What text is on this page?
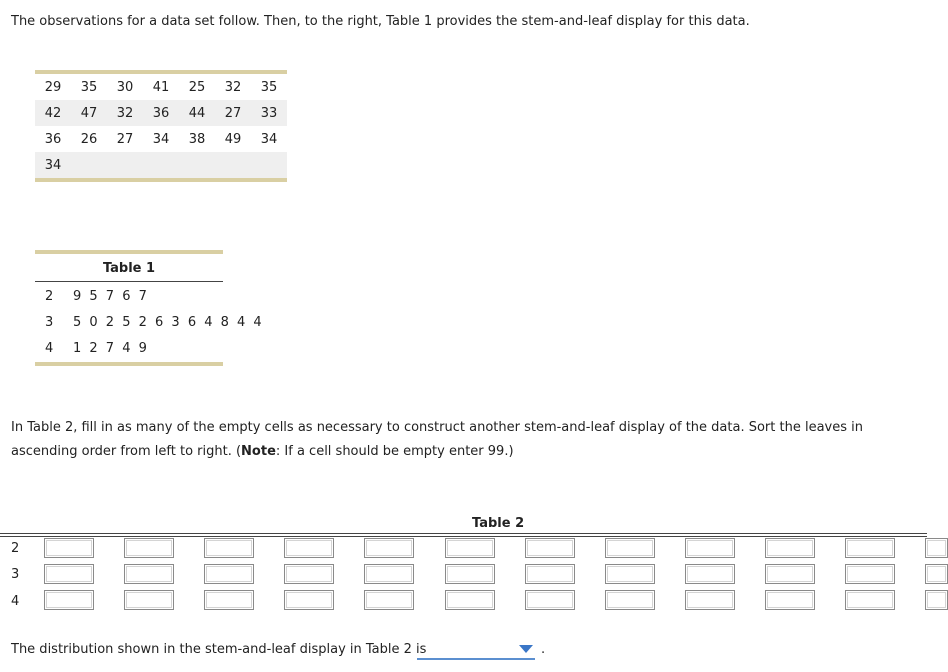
The observations for a data set follow. Then, to the right, Table 1 provides the stem-and-leaf display for this data.
29	35	30	41	25	32	35
42	47	32	36	44	27	33
36	26	27	34	38	49	34
34						
Table 1
2 9 5 7 6 7
3 5 0 2 5 2 6 3 6 4 8 4 4
4 1 2 7 4 9
In Table 2, fill in as many of the empty cells as necessary to construct another stem-and-leaf display of the data. Sort the leaves in ascending order from left to right. (Note: If a cell should be empty enter 99.)
Table 2
2
3
4
The distribution shown in the stem-and-leaf display in Table 2 is	.
